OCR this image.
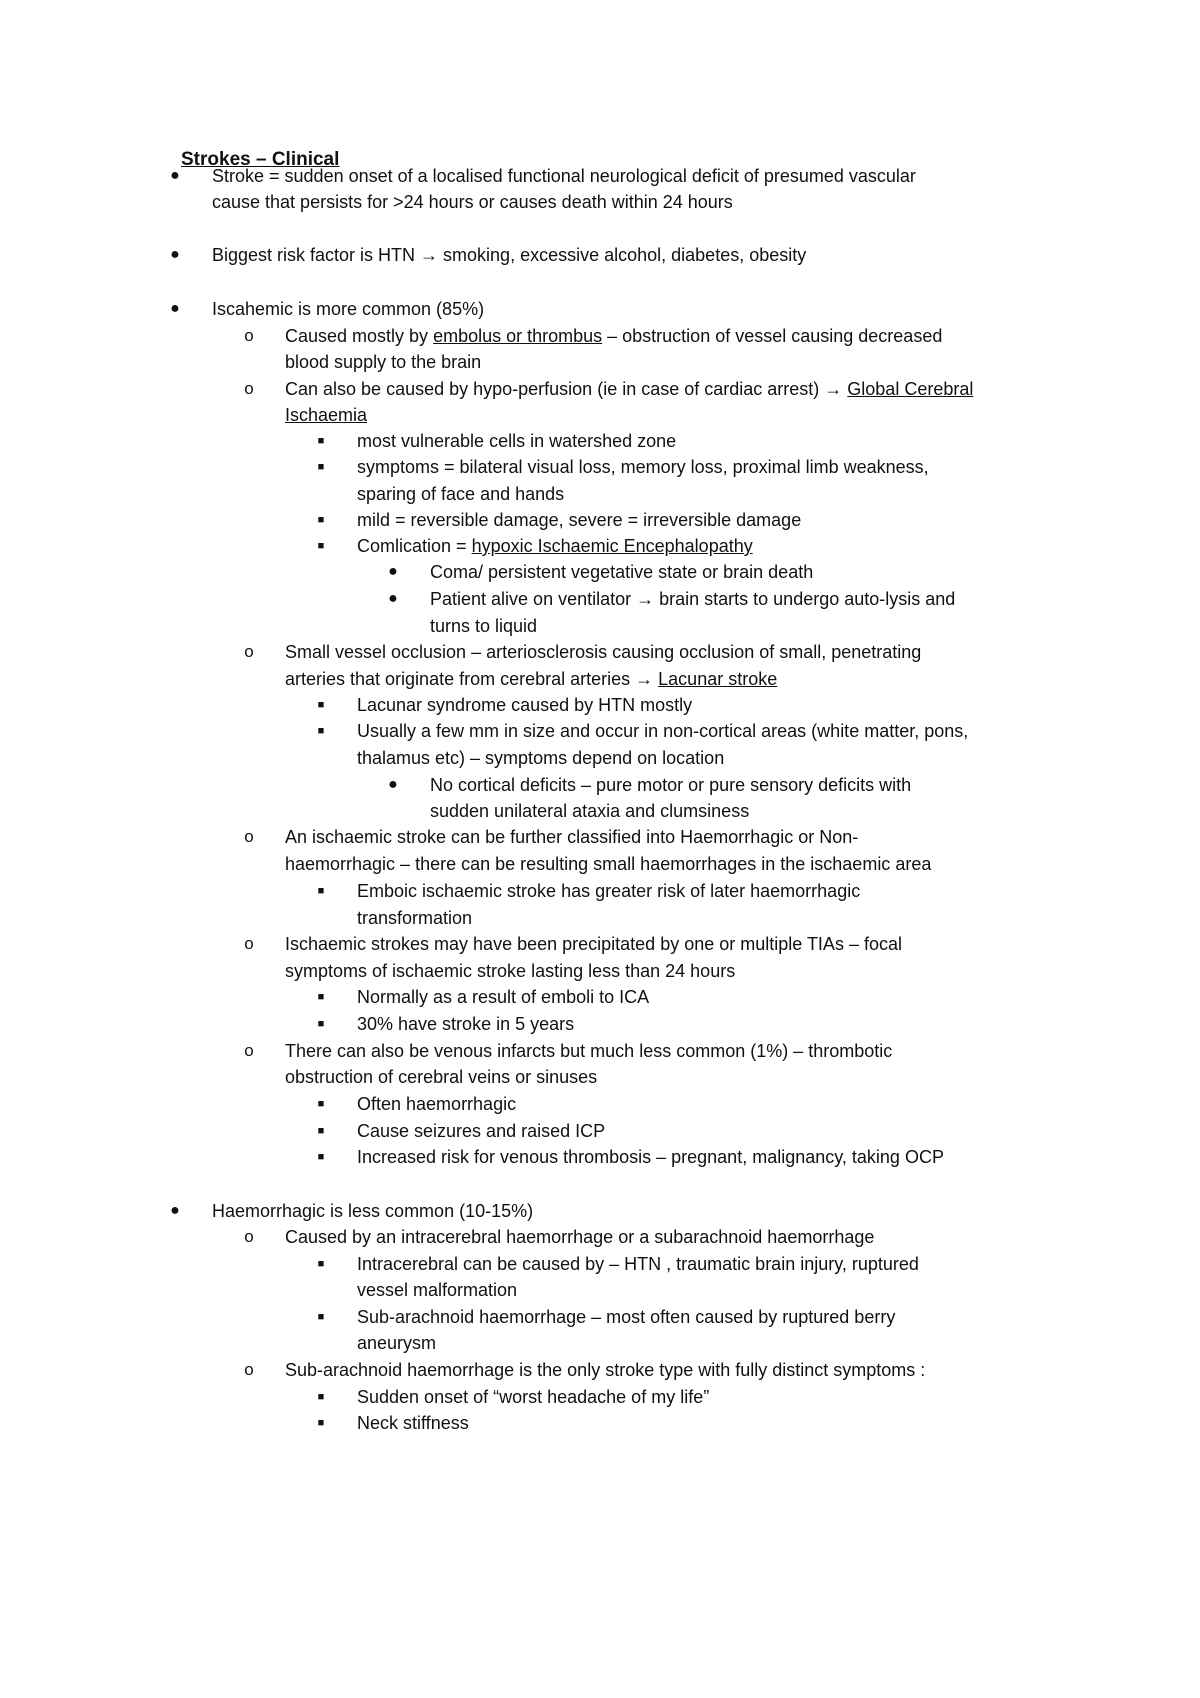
Strokes – Clinical
● Stroke = sudden onset of a localised functional neurological deficit of presumed vascular
cause that persists for >24 hours or causes death within 24 hours
● Biggest risk factor is HTN → smoking, excessive alcohol, diabetes, obesity
● Iscahemic is more common (85%)
o Caused mostly by embolus or thrombus – obstruction of vessel causing decreased
blood supply to the brain
o Can also be caused by hypo-perfusion (ie in case of cardiac arrest) → Global Cerebral
Ischaemia
■	most vulnerable cells in watershed zone
■	symptoms = bilateral visual loss, memory loss, proximal limb weakness,
sparing of face and hands
■	mild = reversible damage, severe = irreversible damage
■	Comlication = hypoxic Ischaemic Encephalopathy
● Coma/ persistent vegetative state or brain death
● Patient alive on ventilator → brain starts to undergo auto-lysis and
turns to liquid
o Small vessel occlusion – arteriosclerosis causing occlusion of small, penetrating
arteries that originate from cerebral arteries → Lacunar stroke
■	Lacunar syndrome caused by HTN mostly
■	Usually a few mm in size and occur in non-cortical areas (white matter, pons,
thalamus etc) – symptoms depend on location
● No cortical deficits – pure motor or pure sensory deficits with
sudden unilateral ataxia and clumsiness
o An ischaemic stroke can be further classified into Haemorrhagic or Non-
haemorrhagic – there can be resulting small haemorrhages in the ischaemic area
■	Emboic ischaemic stroke has greater risk of later haemorrhagic
transformation
o Ischaemic strokes may have been precipitated by one or multiple TIAs – focal
symptoms of ischaemic stroke lasting less than 24 hours
■	Normally as a result of emboli to ICA
■	30% have stroke in 5 years
o There can also be venous infarcts but much less common (1%) – thrombotic
obstruction of cerebral veins or sinuses
■	Often haemorrhagic
■	Cause seizures and raised ICP
■	Increased risk for venous thrombosis – pregnant, malignancy, taking OCP
● Haemorrhagic is less common (10-15%)
o Caused by an intracerebral haemorrhage or a subarachnoid haemorrhage
■	Intracerebral can be caused by – HTN , traumatic brain injury, ruptured
vessel malformation
■	Sub-arachnoid haemorrhage – most often caused by ruptured berry
aneurysm
o Sub-arachnoid haemorrhage is the only stroke type with fully distinct symptoms :
■	Sudden onset of “worst headache of my life”
■	Neck stiffness
